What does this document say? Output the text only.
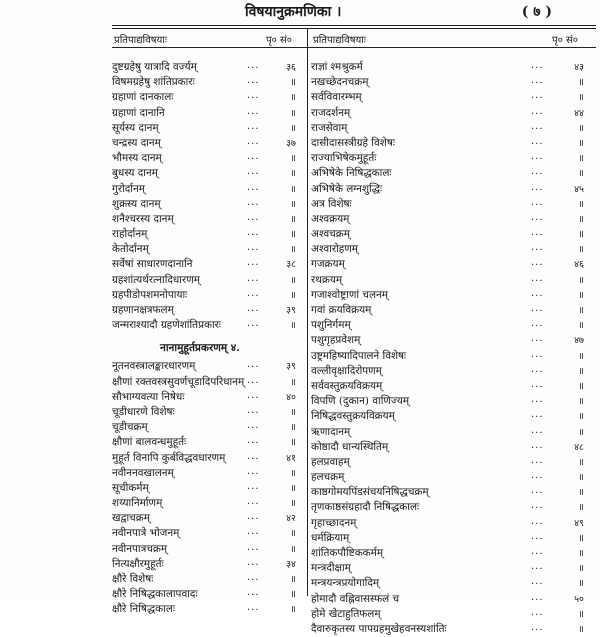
विषयानुक्रमणिका ।	( ७ )
प्रतिपाद्यविषयाः	पृ० सं०
दुष्टग्रहेषु यात्रादि वर्ज्यम्	...	३६
विषमग्रहेषु शांतिप्रकारः	...	॥
ग्रहाणां दानकालः	...	॥
ग्रहाणां दानानि	...	॥
सूर्यस्य दानम्	...	॥
चन्द्रस्य दानम्	...	३७
भौमस्य दानम्	...	॥
बुधस्य दानम्	...	॥
गुरोर्दानम्	...	॥
शुक्रस्य दानम्	...	॥
शनैश्चरस्य दानम्	...	॥
राहोर्दानम्	...	॥
केतोर्दानम्	...	॥
सर्वेषां साधारणदानानि	...	३८
ग्रहशांत्यर्थरत्नादिधारणम्	...	॥
ग्रहपीडोपशमनोपायाः	...	॥
ग्रहणानक्षत्रफलम्	...	३९
जन्मराश्यादौ ग्रहणेशांतिप्रकारः	...	॥
नानामुहूर्तप्रकरणम् ४.
नूतनवस्त्रालङ्कारधारणम्	...	३९
क्षौणां रक्तवस्त्रसुवर्णचूडादिपरिधानम् ...	॥
सौभाग्यवत्या निषेधः	...	४०
चूडीधारणे विशेषः	...	॥
चूडीचक्रम्	...	॥
क्षौणां बालवन्धमुहूर्तः	...	॥
मुहूर्त विनापि कुर्बविद्धवधारणम् ...	४१
नवीननवखालनम्	...	॥
सूचीकर्मम्	...	॥
शय्यानिर्माणम्	...	॥
खद्वाचक्रम्	...	४२
नवीनपात्रे भोजनम्	...	॥
नवीनपात्रचक्रम्	...	॥
नित्यक्षौरमुहूर्तः	...	३४
क्षौरे विशेषः	...	॥
क्षौरे निषिद्धकालापवादः	...	॥
क्षौरे निषिद्धकालः	...	॥
प्रतिपाद्यविषयाः	पृ० सं०
राज्ञां श्मश्रुकर्म	...	४३
नखच्छेदनचक्रम्	...	॥
सर्वविवारम्भम्	...	॥
राजदर्शनम्	...	४४
राजसेवाम्	...	॥
दासीदासस्त्रीग्रहे विशेषः	...	॥
राज्याभिषेकमुहूर्तः	...	॥
अभिषेके निषिद्धकालः	...	॥
अभिषेके लग्नशुद्धिः	...	४५
अत्र विशेषः	...	॥
अश्वक्रयम्	...	॥
अश्वचक्रम्	...	॥
अश्वारोहणम्	...	॥
गजक्रयम्	...	४६
रथक्रयम्	...	॥
गजाश्वोष्ट्राणां चलनम्	...	॥
गवां क्रयविक्रयम्	...	॥
पशुनिर्गमम्	...	॥
पशुगृहप्रवेशम्	...	४७
उष्ट्रमहिष्यादिपालने विशेषः	...	॥
वल्लीवृक्षादिरोपणम्	...	॥
सर्ववस्तुक्रयविक्रयम्	...	॥
विपणि (दुकान) वाणिज्यम्	...	॥
निषिद्धवस्तुक्रयविक्रयम्	...	॥
ऋणादानम्	...	॥
कोष्ठादौ धान्यस्थितिम्	...	४८
हलप्रवाहम्	...	॥
हलचक्रम्	...	॥
काष्ठगोमयपिंडसंचयनिषिद्धचक्रम्	...	॥
तृणकाष्ठसंग्रहादौ निषिद्धकालः	...	॥
गृहाच्छादनम्	...	४९
धर्मक्रियाम्	...	॥
शांतिकपौष्टिककर्मम्	...	॥
मन्त्रदीक्षाम्	...	॥
मन्त्रयन्त्रप्रयोगादिम्	...	॥
होमादौ वह्निवासस्फलं च	...	५०
होमे खेटाहुतिफलम्	...	॥
दैवारुकृतस्य पापग्रहमुखेहवनस्यशांतिः	...	॥
